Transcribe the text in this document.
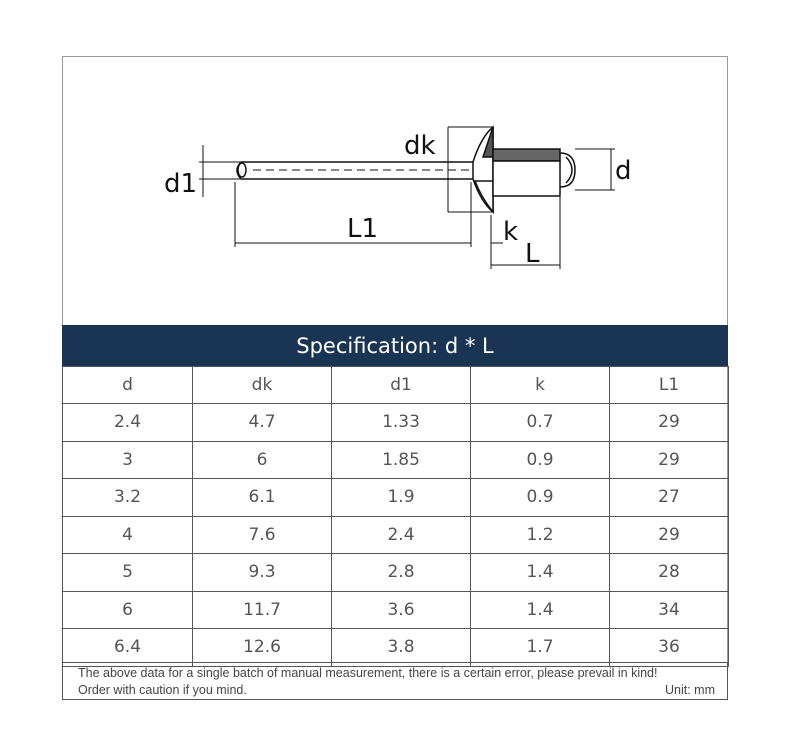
dk
d1	d
L1	k
L
Specification: d * L
d	dk	d1	k	L1
2.4	4.7	1.33	0.7	29
3	6	1.85	0.9	29
3.2	6.1	1.9	0.9	27
4	7.6	2.4	1.2	29
5	9.3	2.8	1.4	28
6	11.7	3.6	1.4	34
6.4	12.6	3.8	1.7	36
The above data for a single batch of manual measurement, there is a certain error, please prevail in kind!
Order with caution if you mind.	Unit: mm
